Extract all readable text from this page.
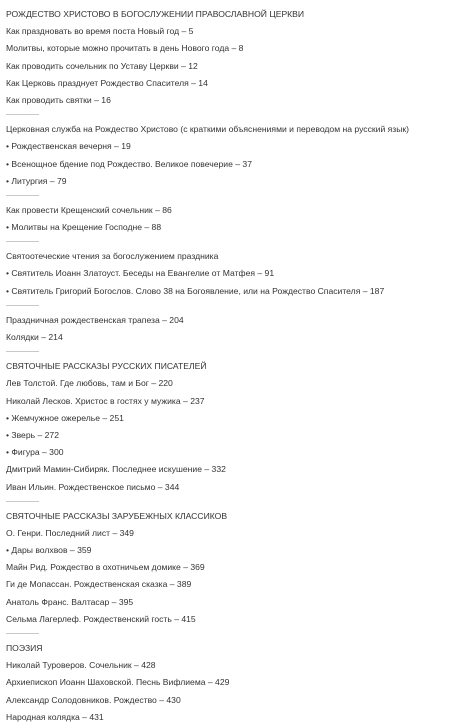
РОЖДЕСТВО ХРИСТОВО В БОГОСЛУЖЕНИИ ПРАВОСЛАВНОЙ ЦЕРКВИ
Как праздновать во время поста Новый год – 5
Молитвы, которые можно прочитать в день Нового года – 8
Как проводить сочельник по Уставу Церкви – 12
Как Церковь празднует Рождество Спасителя – 14
Как проводить святки – 16
Церковная служба на Рождество Христово (с краткими объяснениями и переводом на русский язык)
• Рождественская вечерня – 19
• Всенощное бдение под Рождество. Великое повечерие – 37
• Литургия – 79
Как провести Крещенский сочельник – 86
• Молитвы на Крещение Господне – 88
Святоотеческие чтения за богослужением праздника
• Святитель Иоанн Златоуст. Беседы на Евангелие от Матфея – 91
• Святитель Григорий Богослов. Слово 38 на Богоявление, или на Рождество Спасителя – 187
Праздничная рождественская трапеза – 204
Колядки – 214
СВЯТОЧНЫЕ РАССКАЗЫ РУССКИХ ПИСАТЕЛЕЙ
Лев Толстой. Где любовь, там и Бог – 220
Николай Лесков. Христос в гостях у мужика – 237
• Жемчужное ожерелье – 251
• Зверь – 272
• Фигура – 300
Дмитрий Мамин-Сибиряк. Последнее искушение – 332
Иван Ильин. Рождественское письмо – 344
СВЯТОЧНЫЕ РАССКАЗЫ ЗАРУБЕЖНЫХ КЛАССИКОВ
О. Генри. Последний лист – 349
• Дары волхвов – 359
Майн Рид. Рождество в охотничьем домике – 369
Ги де Мопассан. Рождественская сказка – 389
Анатоль Франс. Валтасар – 395
Сельма Лагерлеф. Рождественский гость – 415
ПОЭЗИЯ
Николай Туроверов. Сочельник – 428
Архиепископ Иоанн Шаховской. Песнь Вифлиема – 429
Александр Солодовников. Рождество – 430
Народная колядка – 431
